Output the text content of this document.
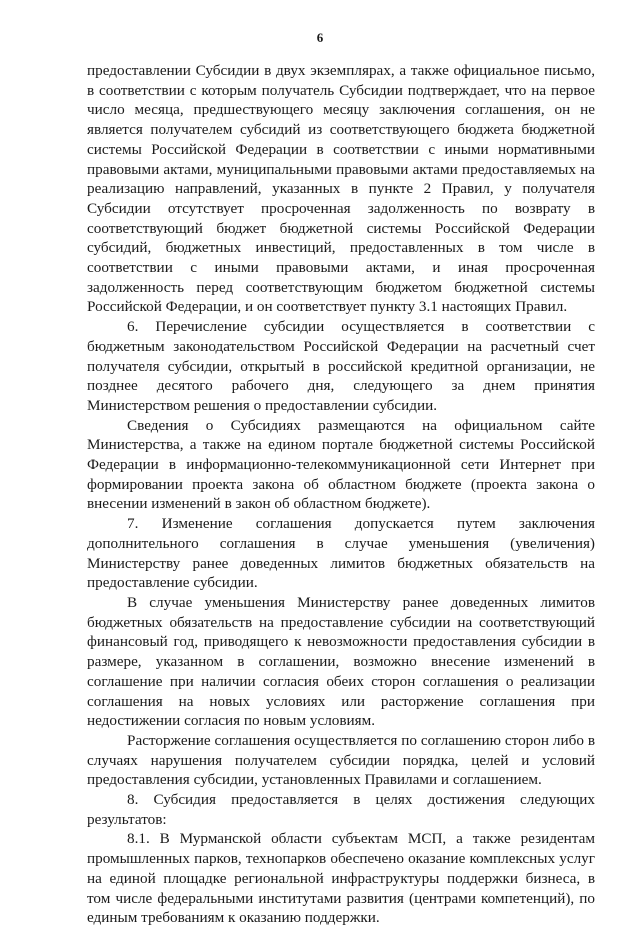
6

предоставлении Субсидии в двух экземплярах, а также официальное письмо, в соответствии с которым получатель Субсидии подтверждает, что на первое число месяца, предшествующего месяцу заключения соглашения, он не является получателем субсидий из соответствующего бюджета бюджетной системы Российской Федерации в соответствии с иными нормативными правовыми актами, муниципальными правовыми актами предоставляемых на реализацию направлений, указанных в пункте 2 Правил, у получателя Субсидии отсутствует просроченная задолженность по возврату в соответствующий бюджет бюджетной системы Российской Федерации субсидий, бюджетных инвестиций, предоставленных в том числе в соответствии с иными правовыми актами, и иная просроченная задолженность перед соответствующим бюджетом бюджетной системы Российской Федерации, и он соответствует пункту 3.1 настоящих Правил.

6. Перечисление субсидии осуществляется в соответствии с бюджетным законодательством Российской Федерации на расчетный счет получателя субсидии, открытый в российской кредитной организации, не позднее десятого рабочего дня, следующего за днем принятия Министерством решения о предоставлении субсидии.

Сведения о Субсидиях размещаются на официальном сайте Министерства, а также на едином портале бюджетной системы Российской Федерации в информационно-телекоммуникационной сети Интернет при формировании проекта закона об областном бюджете (проекта закона о внесении изменений в закон об областном бюджете).

7. Изменение соглашения допускается путем заключения дополнительного соглашения в случае уменьшения (увеличения) Министерству ранее доведенных лимитов бюджетных обязательств на предоставление субсидии.

В случае уменьшения Министерству ранее доведенных лимитов бюджетных обязательств на предоставление субсидии на соответствующий финансовый год, приводящего к невозможности предоставления субсидии в размере, указанном в соглашении, возможно внесение изменений в соглашение при наличии согласия обеих сторон соглашения о реализации соглашения на новых условиях или расторжение соглашения при недостижении согласия по новым условиям.

Расторжение соглашения осуществляется по соглашению сторон либо в случаях нарушения получателем субсидии порядка, целей и условий предоставления субсидии, установленных Правилами и соглашением.

8. Субсидия предоставляется в целях достижения следующих результатов:

8.1. В Мурманской области субъектам МСП, а также резидентам промышленных парков, технопарков обеспечено оказание комплексных услуг на единой площадке региональной инфраструктуры поддержки бизнеса, в том числе федеральными институтами развития (центрами компетенций), по единым требованиям к оказанию поддержки.
